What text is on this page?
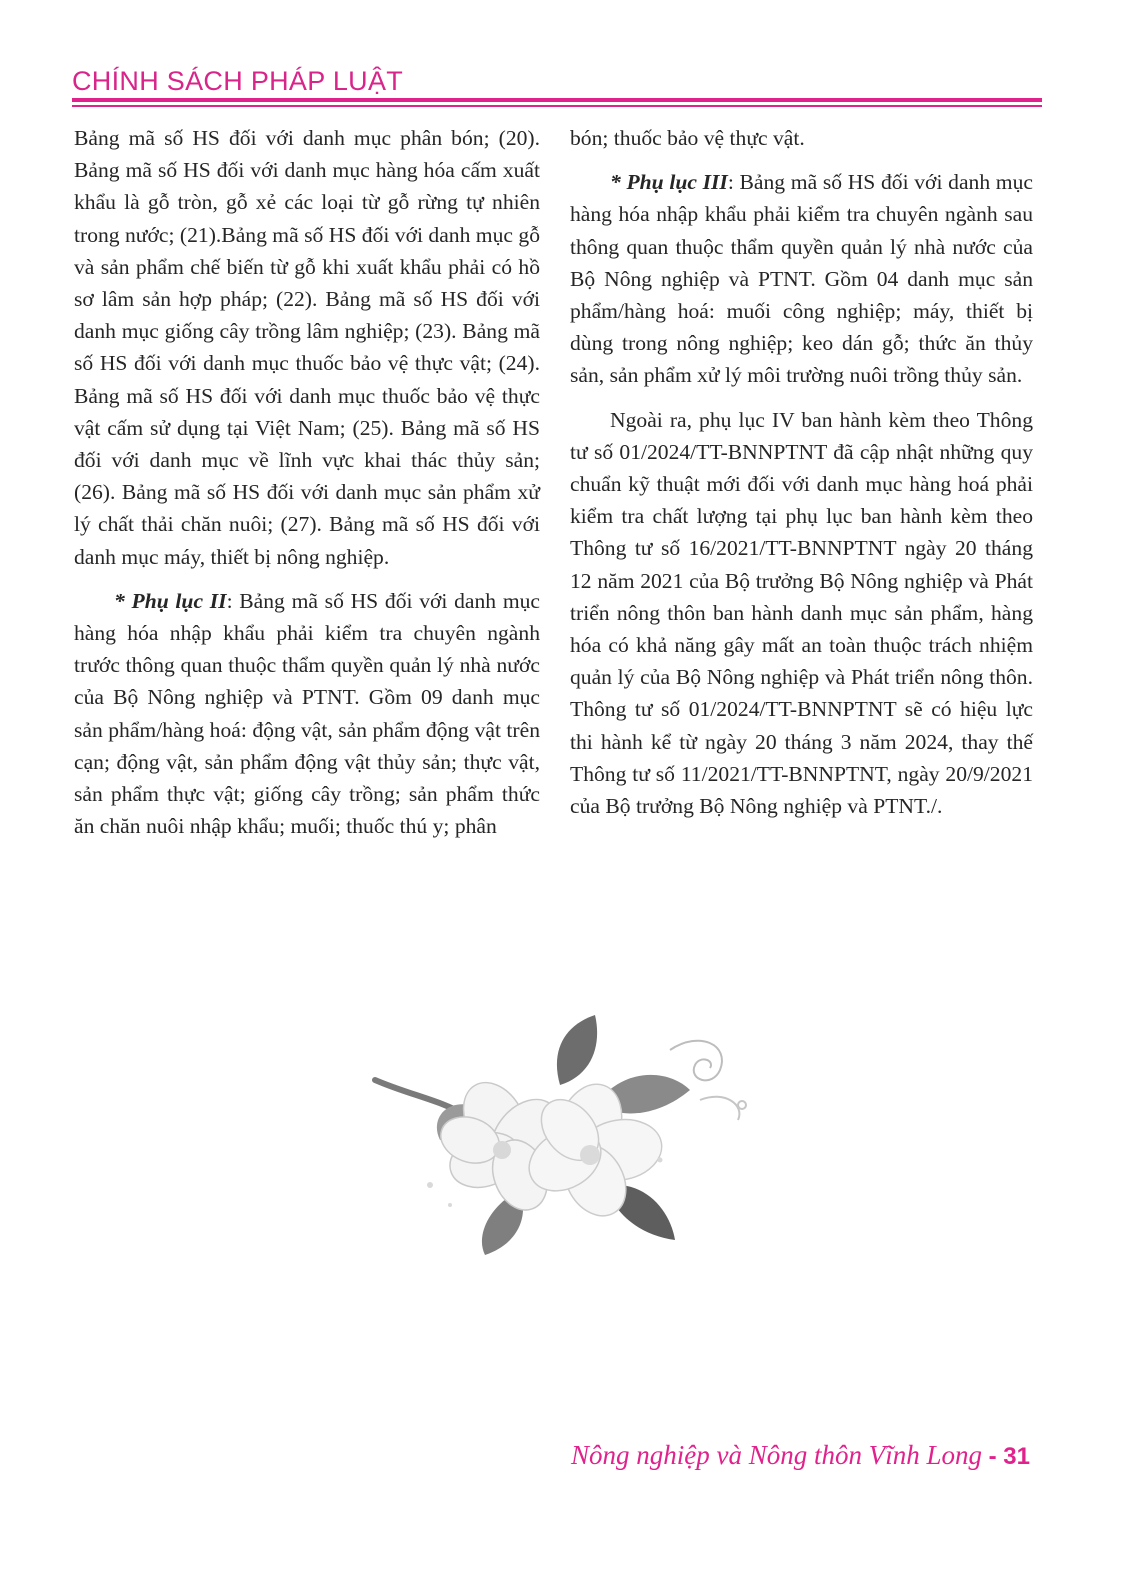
CHÍNH SÁCH PHÁP LUẬT

Bảng mã số HS đối với danh mục phân bón; (20). Bảng mã số HS đối với danh mục hàng hóa cấm xuất khẩu là gỗ tròn, gỗ xẻ các loại từ gỗ rừng tự nhiên trong nước; (21).Bảng mã số HS đối với danh mục gỗ và sản phẩm chế biến từ gỗ khi xuất khẩu phải có hồ sơ lâm sản hợp pháp; (22). Bảng mã số HS đối với danh mục giống cây trồng lâm nghiệp; (23). Bảng mã số HS đối với danh mục thuốc bảo vệ thực vật; (24). Bảng mã số HS đối với danh mục thuốc bảo vệ thực vật cấm sử dụng tại Việt Nam; (25). Bảng mã số HS đối với danh mục về lĩnh vực khai thác thủy sản; (26). Bảng mã số HS đối với danh mục sản phẩm xử lý chất thải chăn nuôi; (27). Bảng mã số HS đối với danh mục máy, thiết bị nông nghiệp.

* Phụ lục II: Bảng mã số HS đối với danh mục hàng hóa nhập khẩu phải kiểm tra chuyên ngành trước thông quan thuộc thẩm quyền quản lý nhà nước của Bộ Nông nghiệp và PTNT. Gồm 09 danh mục sản phẩm/hàng hoá: động vật, sản phẩm động vật trên cạn; động vật, sản phẩm động vật thủy sản; thực vật, sản phẩm thực vật; giống cây trồng; sản phẩm thức ăn chăn nuôi nhập khẩu; muối; thuốc thú y; phân

bón; thuốc bảo vệ thực vật.

* Phụ lục III: Bảng mã số HS đối với danh mục hàng hóa nhập khẩu phải kiểm tra chuyên ngành sau thông quan thuộc thẩm quyền quản lý nhà nước của Bộ Nông nghiệp và PTNT. Gồm 04 danh mục sản phẩm/hàng hoá: muối công nghiệp; máy, thiết bị dùng trong nông nghiệp; keo dán gỗ; thức ăn thủy sản, sản phẩm xử lý môi trường nuôi trồng thủy sản.

Ngoài ra, phụ lục IV ban hành kèm theo Thông tư số 01/2024/TT-BNNPTNT đã cập nhật những quy chuẩn kỹ thuật mới đối với danh mục hàng hoá phải kiểm tra chất lượng tại phụ lục ban hành kèm theo Thông tư số 16/2021/TT-BNNPTNT ngày 20 tháng 12 năm 2021 của Bộ trưởng Bộ Nông nghiệp và Phát triển nông thôn ban hành danh mục sản phẩm, hàng hóa có khả năng gây mất an toàn thuộc trách nhiệm quản lý của Bộ Nông nghiệp và Phát triển nông thôn. Thông tư số 01/2024/TT-BNNPTNT sẽ có hiệu lực thi hành kể từ ngày 20 tháng 3 năm 2024, thay thế Thông tư số 11/2021/TT-BNNPTNT, ngày 20/9/2021 của Bộ trưởng Bộ Nông nghiệp và PTNT./.

Nông nghiệp và Nông thôn Vĩnh Long - 31
